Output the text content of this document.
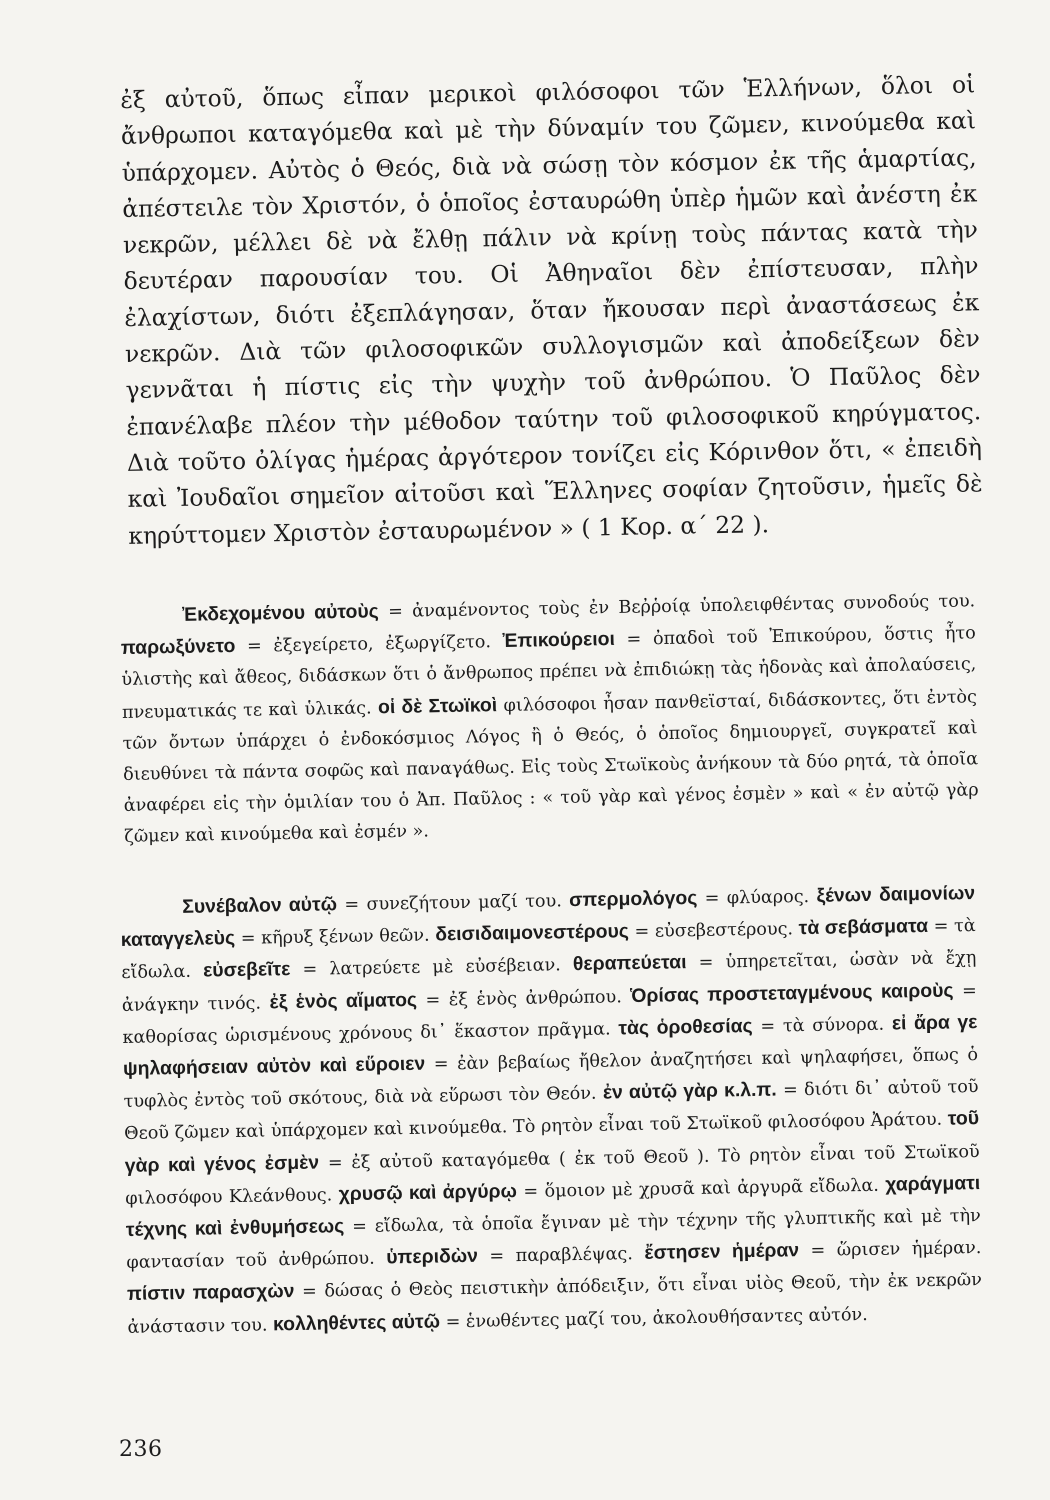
ἐξ αὐτοῦ, ὅπως εἶπαν μερικοὶ φιλόσοφοι τῶν Ἑλλήνων, ὅλοι οἱ ἄνθρωποι καταγόμεθα καὶ μὲ τὴν δύναμίν του ζῶμεν, κινούμεθα καὶ ὑπάρχομεν. Αὐτὸς ὁ Θεός, διὰ νὰ σώσῃ τὸν κόσμον ἐκ τῆς ἁμαρτίας, ἀπέστειλε τὸν Χριστόν, ὁ ὁποῖος ἐσταυρώθη ὑπὲρ ἡμῶν καὶ ἀνέστη ἐκ νεκρῶν, μέλλει δὲ νὰ ἔλθῃ πάλιν νὰ κρίνῃ τοὺς πάντας κατὰ τὴν δευτέραν παρουσίαν του. Οἱ Ἀθηναῖοι δὲν ἐπίστευσαν, πλὴν ἐλαχίστων, διότι ἐξεπλάγησαν, ὅταν ἤκουσαν περὶ ἀναστάσεως ἐκ νεκρῶν. Διὰ τῶν φιλοσοφικῶν συλλογισμῶν καὶ ἀποδείξεων δὲν γεννᾶται ἡ πίστις εἰς τὴν ψυχὴν τοῦ ἀνθρώπου. Ὁ Παῦλος δὲν ἐπανέλαβε πλέον τὴν μέθοδον ταύτην τοῦ φιλοσοφικοῦ κηρύγματος. Διὰ τοῦτο ὀλίγας ἡμέρας ἀργότερον τονίζει εἰς Κόρινθον ὅτι, « ἐπειδὴ καὶ Ἰουδαῖοι σημεῖον αἰτοῦσι καὶ Ἕλληνες σοφίαν ζητοῦσιν, ἡμεῖς δὲ κηρύττομεν Χριστὸν ἐσταυρωμένον » ( 1 Κορ. α΄ 22 ).

Ἐκδεχομένου αὐτοὺς = ἀναμένοντος τοὺς ἐν Βεῤῥοίᾳ ὑπολειφθέντας συνοδούς του. παρωξύνετο = ἐξεγείρετο, ἐξωργίζετο. Ἐπικούρειοι = ὀπαδοὶ τοῦ Ἐπικούρου, ὅστις ἦτο ὑλιστὴς καὶ ἄθεος, διδάσκων ὅτι ὁ ἄνθρωπος πρέπει νὰ ἐπιδιώκῃ τὰς ἡδονὰς καὶ ἀπολαύσεις, πνευματικάς τε καὶ ὑλικάς. οἱ δὲ Στωϊκοὶ φιλόσοφοι ἦσαν πανθεϊσταί, διδάσκοντες, ὅτι ἐντὸς τῶν ὄντων ὑπάρχει ὁ ἐνδοκόσμιος Λόγος ἢ ὁ Θεός, ὁ ὁποῖος δημιουργεῖ, συγκρατεῖ καὶ διευθύνει τὰ πάντα σοφῶς καὶ παναγάθως. Εἰς τοὺς Στωϊκοὺς ἀνήκουν τὰ δύο ρητά, τὰ ὁποῖα ἀναφέρει εἰς τὴν ὁμιλίαν του ὁ Ἀπ. Παῦλος : « τοῦ γὰρ καὶ γένος ἐσμὲν » καὶ « ἐν αὐτῷ γὰρ ζῶμεν καὶ κινούμεθα καὶ ἐσμέν ».

Συνέβαλον αὐτῷ = συνεζήτουν μαζί του. σπερμολόγος = φλύαρος. ξένων δαιμονίων καταγγελεὺς = κῆρυξ ξένων θεῶν. δεισιδαιμονεστέρους = εὐσεβεστέρους. τὰ σεβάσματα = τὰ εἴδωλα. εὐσεβεῖτε = λατρεύετε μὲ εὐσέβειαν. θεραπεύεται = ὑπηρετεῖται, ὡσὰν νὰ ἔχῃ ἀνάγκην τινός. ἐξ ἑνὸς αἵματος = ἐξ ἑνὸς ἀνθρώπου. Ὁρίσας προστεταγμένους καιροὺς = καθορίσας ὡρισμένους χρόνους δι᾽ ἕκαστον πρᾶγμα. τὰς ὁροθεσίας = τὰ σύνορα. εἰ ἄρα γε ψηλαφήσειαν αὐτὸν καὶ εὕροιεν = ἐὰν βεβαίως ἤθελον ἀναζητήσει καὶ ψηλαφήσει, ὅπως ὁ τυφλὸς ἐντὸς τοῦ σκότους, διὰ νὰ εὕρωσι τὸν Θεόν. ἐν αὐτῷ γὰρ κ.λ.π. = διότι δι᾽ αὐτοῦ τοῦ Θεοῦ ζῶμεν καὶ ὑπάρχομεν καὶ κινούμεθα. Τὸ ρητὸν εἶναι τοῦ Στωϊκοῦ φιλοσόφου Ἀράτου. τοῦ γὰρ καὶ γένος ἐσμὲν = ἐξ αὐτοῦ καταγόμεθα ( ἐκ τοῦ Θεοῦ ). Τὸ ρητὸν εἶναι τοῦ Στωϊκοῦ φιλοσόφου Κλεάνθους. χρυσῷ καὶ ἀργύρῳ = ὅμοιον μὲ χρυσᾶ καὶ ἀργυρᾶ εἴδωλα. χαράγματι τέχνης καὶ ἐνθυμήσεως = εἴδωλα, τὰ ὁποῖα ἔγιναν μὲ τὴν τέχνην τῆς γλυπτικῆς καὶ μὲ τὴν φαντασίαν τοῦ ἀνθρώπου. ὑπεριδὼν = παραβλέψας. ἔστησεν ἡμέραν = ὥρισεν ἡμέραν. πίστιν παρασχὼν = δώσας ὁ Θεὸς πειστικὴν ἀπόδειξιν, ὅτι εἶναι υἱὸς Θεοῦ, τὴν ἐκ νεκρῶν ἀνάστασιν του. κολληθέντες αὐτῷ = ἑνωθέντες μαζί του, ἀκολουθήσαντες αὐτόν.

236
